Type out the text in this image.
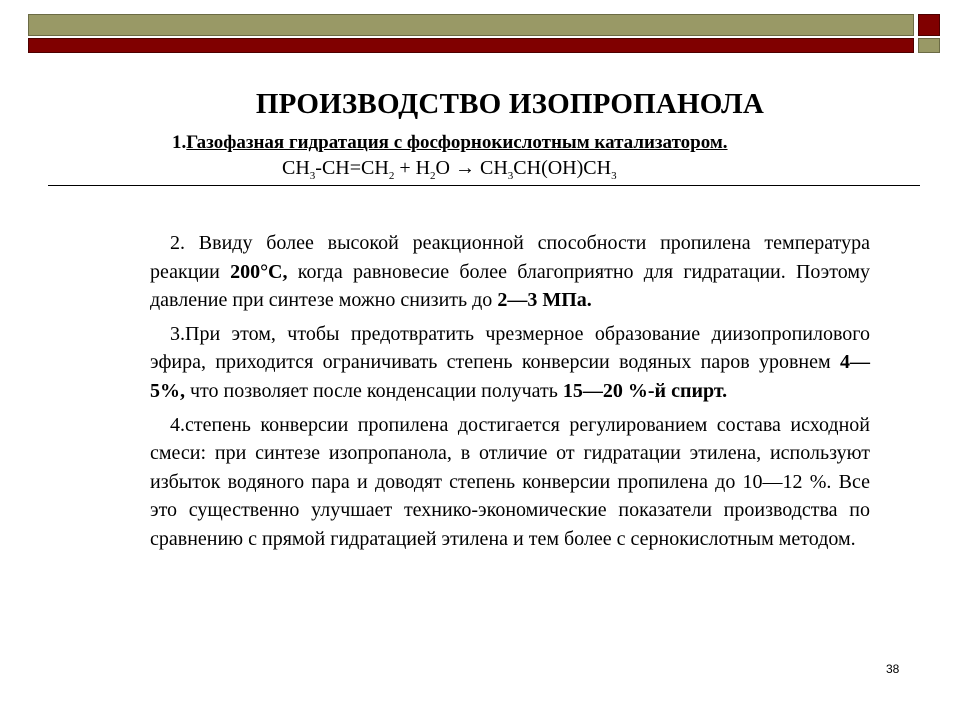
ПРОИЗВОДСТВО ИЗОПРОПАНОЛА
1.Газофазная гидратация с фосфорнокислотным катализатором.
$CH_3-CH=CH_2 + H_2O \to CH_3CH(OH)CH_3$

2. Ввиду более высокой реакционной способности пропилена температура реакции 200°С, когда равновесие более благоприятно для гидратации. Поэтому давление при синтезе можно снизить до 2—3 МПа.

3.При этом, чтобы предотвратить чрезмерное образование диизопропилового эфира, приходится ограничивать степень конверсии водяных паров уровнем 4—5%, что позволяет после конденсации получать 15—20 %-й спирт.

4.степень конверсии пропилена достигается регулированием состава исходной смеси: при синтезе изопропанола, в отличие от гидратации этилена, используют избыток водяного пара и доводят степень конверсии пропилена до 10—12 %. Все это существенно улучшает технико-экономические показатели производства по сравнению с прямой гидратацией этилена и тем более с сернокислотным методом.

38
